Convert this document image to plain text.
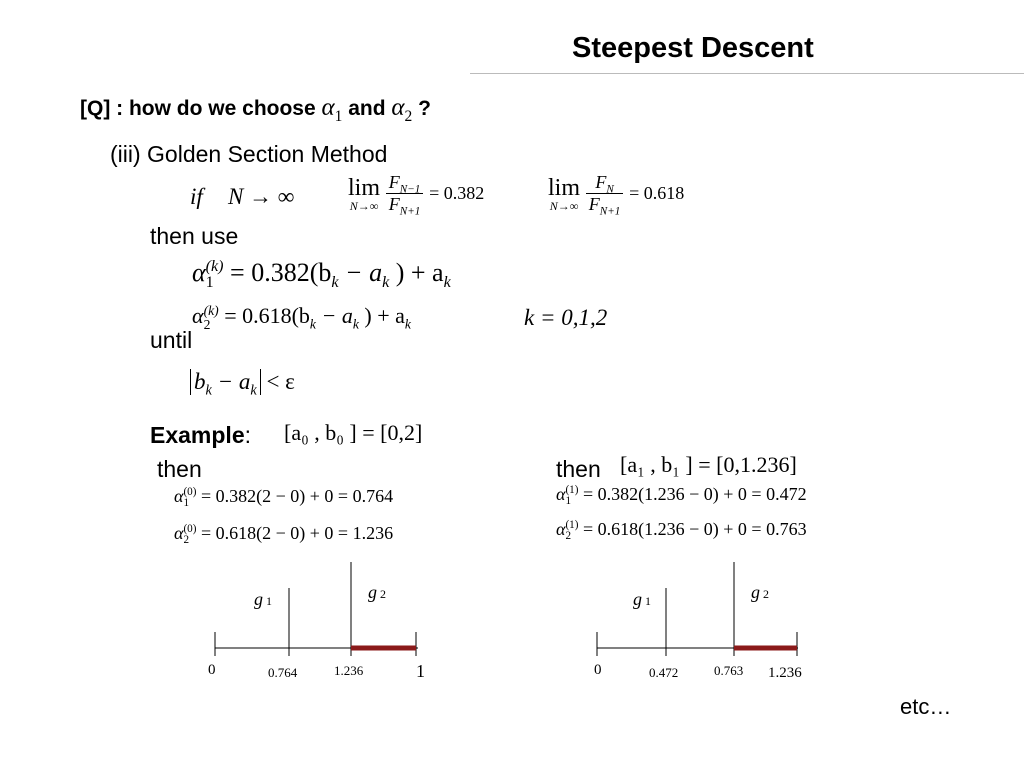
Steepest Descent
[Q] : how do we choose $\alpha_1$ and $\alpha_2$ ?
(iii) Golden Section Method
if N → ∞ lim
N→∞
$\frac{F_{N-1}}{F_{N+1}} = 0.382$	lim
N→∞
$\frac{F_N}{F_{N+1}} = 0.618$
then use
α (k)
$1 = 0.382(b_k - a_k$ ) + $a_k$
α (k)
$2 = 0.618(b_k - a_k$ ) + $a_k$	k = 0,1,2
until
$b_k - a_k < \varepsilon$
Example: [a₀ , b₀ ] = [0,2]
then
α (0)
1 = 0.382(2 − 0) + 0 = 0.764
α (0)
2 = 0.618(2 − 0) + 0 = 1.236
then [a₁ , b₁ ] = [0,1.236]
α (1)
1 = 0.382(1.236 − 0) + 0 = 0.472
α (1)
2 = 0.618(1.236 − 0) + 0 = 0.763
g 1	g 2
0	0.764	1.236	1
g 1	g 2
0	0.472	0.763 1.236
etc…
